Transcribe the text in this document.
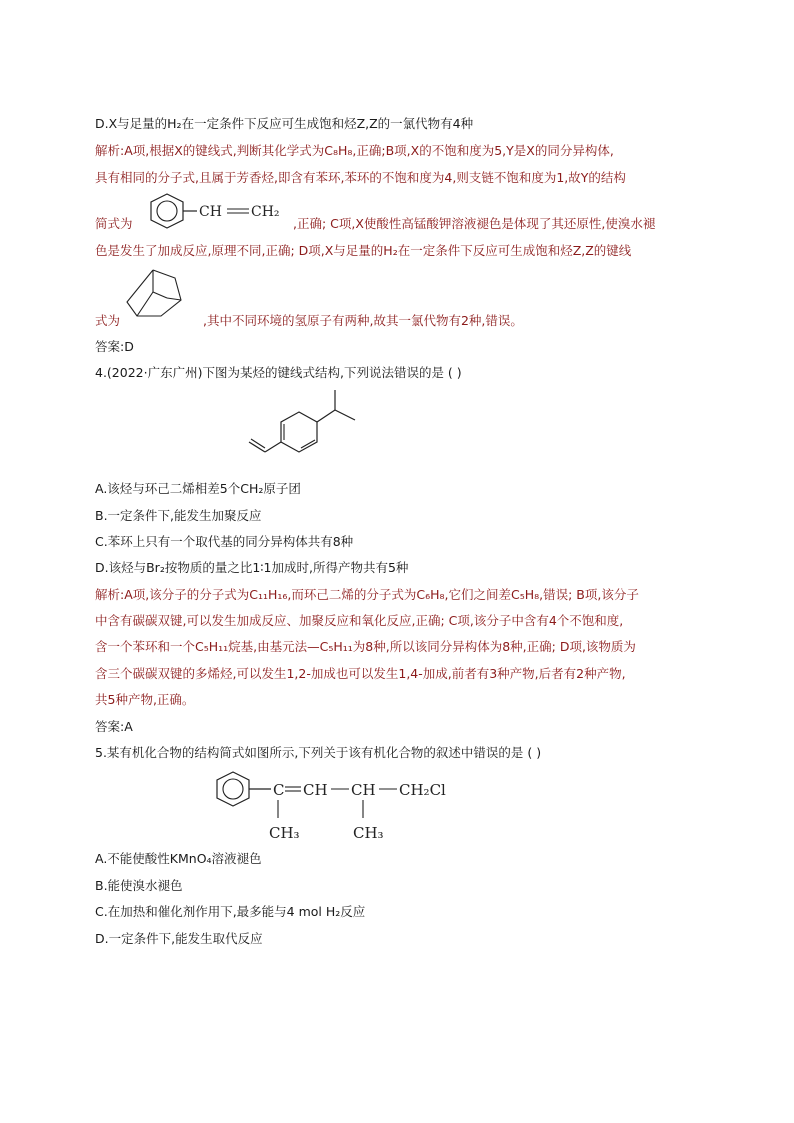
D.X与足量的H₂在一定条件下反应可生成饱和烃Z,Z的一氯代物有4种
解析:A项,根据X的键线式,判断其化学式为C₈H₈,正确;B项,X的不饱和度为5,Y是X的同分异构体,
具有相同的分子式,且属于芳香烃,即含有苯环,苯环的不饱和度为4,则支链不饱和度为1,故Y的结构
简式为
CH CH₂
,正确; C项,X使酸性高锰酸钾溶液褪色是体现了其还原性,使溴水褪
色是发生了加成反应,原理不同,正确; D项,X与足量的H₂在一定条件下反应可生成饱和烃Z,Z的键线
式为	,其中不同环境的氢原子有两种,故其一氯代物有2种,错误。
答案:D
4.(2022·广东广州)下图为某烃的键线式结构,下列说法错误的是 ( )
A.该烃与环己二烯相差5个CH₂原子团
B.一定条件下,能发生加聚反应
C.苯环上只有一个取代基的同分异构体共有8种
D.该烃与Br₂按物质的量之比1∶1加成时,所得产物共有5种
解析:A项,该分子的分子式为C₁₁H₁₆,而环己二烯的分子式为C₆H₈,它们之间差C₅H₈,错误; B项,该分子
中含有碳碳双键,可以发生加成反应、加聚反应和氧化反应,正确; C项,该分子中含有4个不饱和度,
含一个苯环和一个C₅H₁₁烷基,由基元法—C₅H₁₁为8种,所以该同分异构体为8种,正确; D项,该物质为
含三个碳碳双键的多烯烃,可以发生1,2-加成也可以发生1,4-加成,前者有3种产物,后者有2种产物,
共5种产物,正确。
答案:A
5.某有机化合物的结构简式如图所示,下列关于该有机化合物的叙述中错误的是 ( )
C CH CH CH₂Cl
CH₃	CH₃
A.不能使酸性KMnO₄溶液褪色
B.能使溴水褪色
C.在加热和催化剂作用下,最多能与4 mol H₂反应
D.一定条件下,能发生取代反应
